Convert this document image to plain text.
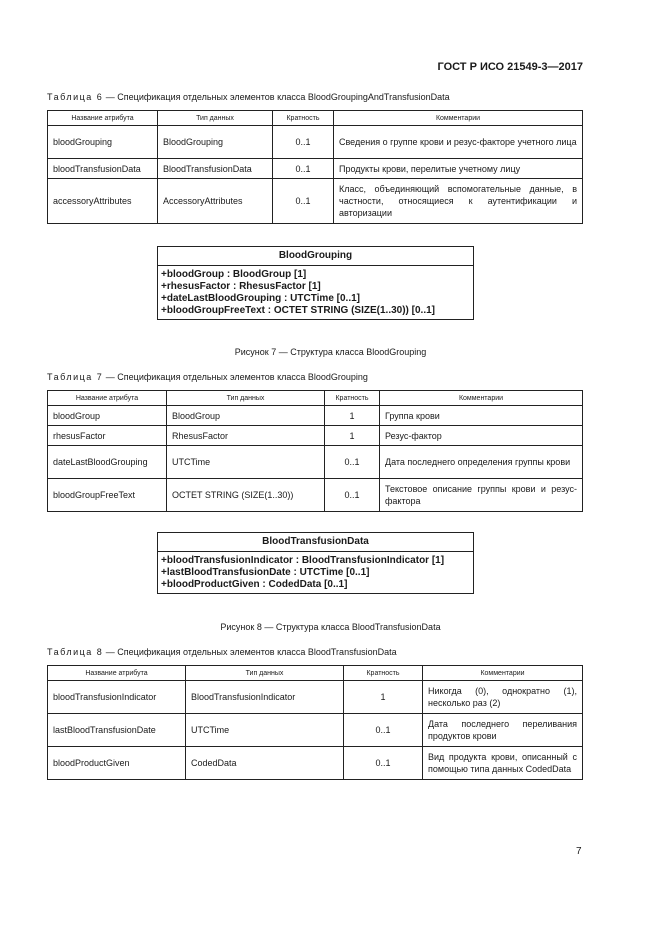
ГОСТ Р ИСО 21549-3—2017
Таблица 6 — Спецификация отдельных элементов класса BloodGroupingAndTransfusionData
Название атрибута	Тип данных	Кратность	Комментарии
bloodGrouping	BloodGrouping	0..1	Сведения о группе крови и резус-факторе учетного лица
bloodTransfusionData	BloodTransfusionData	0..1	Продукты крови, перелитые учетному лицу
accessoryAttributes	AccessoryAttributes	0..1	Класс, объединяющий вспомогательные данные, в частности, относящиеся к аутентификации и авторизации
BloodGrouping
+bloodGroup : BloodGroup [1]
+rhesusFactor : RhesusFactor [1]
+dateLastBloodGrouping : UTCTime [0..1]
+bloodGroupFreeText : OCTET STRING (SIZE(1..30)) [0..1]
Рисунок 7 — Структура класса BloodGrouping
Таблица 7 — Спецификация отдельных элементов класса BloodGrouping
Название атрибута	Тип данных	Кратность	Комментарии
bloodGroup	BloodGroup	1	Группа крови
rhesusFactor	RhesusFactor	1	Резус-фактор
dateLastBloodGrouping	UTCTime	0..1	Дата последнего определения группы крови
bloodGroupFreeText	OCTET STRING (SIZE(1..30))	0..1	Текстовое описание группы крови и резус-фактора
BloodTransfusionData
+bloodTransfusionIndicator : BloodTransfusionIndicator [1]
+lastBloodTransfusionDate : UTCTime [0..1]
+bloodProductGiven : CodedData [0..1]
Рисунок 8 — Структура класса BloodTransfusionData
Таблица 8 — Спецификация отдельных элементов класса BloodTransfusionData
Название атрибута	Тип данных	Кратность	Комментарии
bloodTransfusionIndicator	BloodTransfusionIndicator	1	Никогда (0), однократно (1), несколько раз (2)
lastBloodTransfusionDate	UTCTime	0..1	Дата последнего переливания продуктов крови
bloodProductGiven	CodedData	0..1	Вид продукта крови, описанный с помощью типа данных CodedData
7
